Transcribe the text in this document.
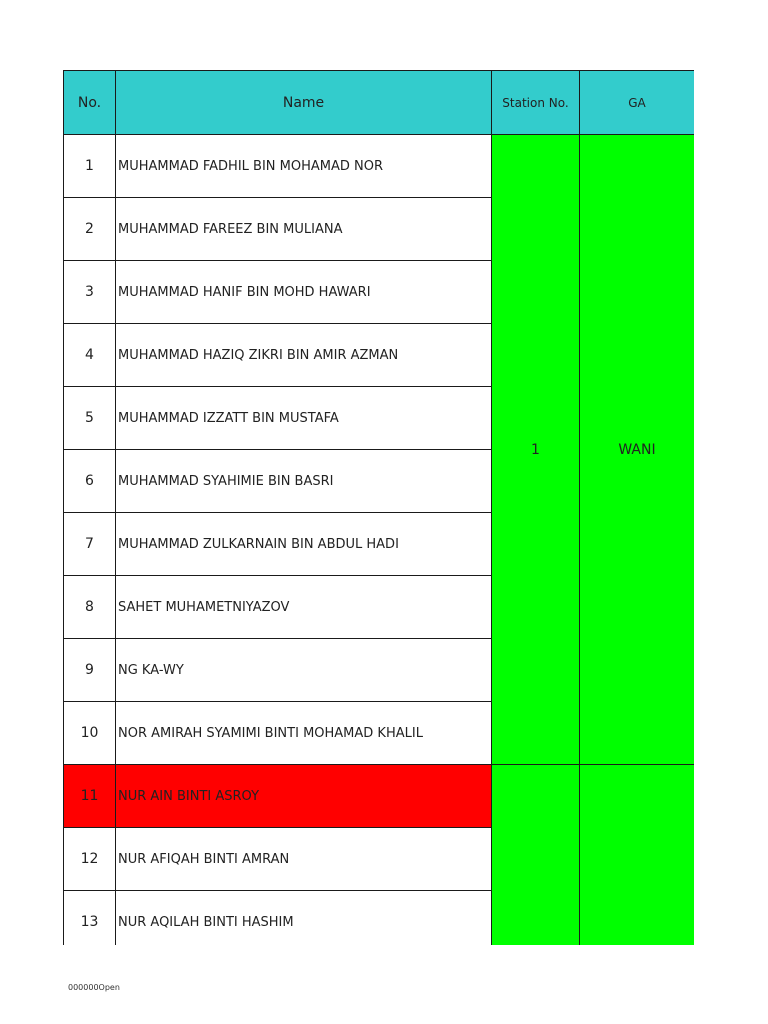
No.	Name	Station No.	GA
1	MUHAMMAD FADHIL BIN MOHAMAD NOR	1	WANI
2	MUHAMMAD FAREEZ BIN MULIANA		
3	MUHAMMAD HANIF BIN MOHD HAWARI		
4	MUHAMMAD HAZIQ ZIKRI BIN AMIR AZMAN		
5	MUHAMMAD IZZATT BIN MUSTAFA		
6	MUHAMMAD SYAHIMIE BIN BASRI		
7	MUHAMMAD ZULKARNAIN BIN ABDUL HADI		
8	SAHET MUHAMETNIYAZOV		
9	NG KA-WY		
10	NOR AMIRAH SYAMIMI BINTI MOHAMAD KHALIL		
11	NUR AIN BINTI ASROY		
12	NUR AFIQAH BINTI AMRAN		
13	NUR AQILAH BINTI HASHIM		
000000Open
